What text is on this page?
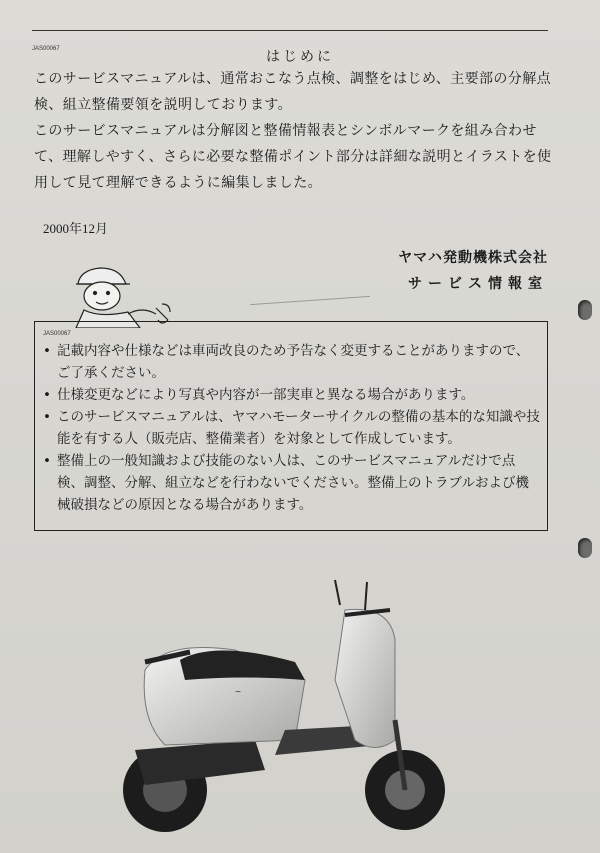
JAS00067	はじめに
このサービスマニュアルは、通常おこなう点検、調整をはじめ、主要部の分解点検、組立整備要領を説明しております。
このサービスマニュアルは分解図と整備情報表とシンボルマークを組み合わせて、理解しやすく、さらに必要な整備ポイント部分は詳細な説明とイラストを使用して見て理解できるように編集しました。
2000年12月
ヤマハ発動機株式会社
サービス情報室
JAS00067
• 記載内容や仕様などは車両改良のため予告なく変更することがありますので、ご了承ください。
• 仕様変更などにより写真や内容が一部実車と異なる場合があります。
• このサービスマニュアルは、ヤマハモーターサイクルの整備の基本的な知識や技能を有する人（販売店、整備業者）を対象として作成しています。
• 整備上の一般知識および技能のない人は、このサービスマニュアルだけで点検、調整、分解、組立などを行わないでください。整備上のトラブルおよび機械破損などの原因となる場合があります。
~
